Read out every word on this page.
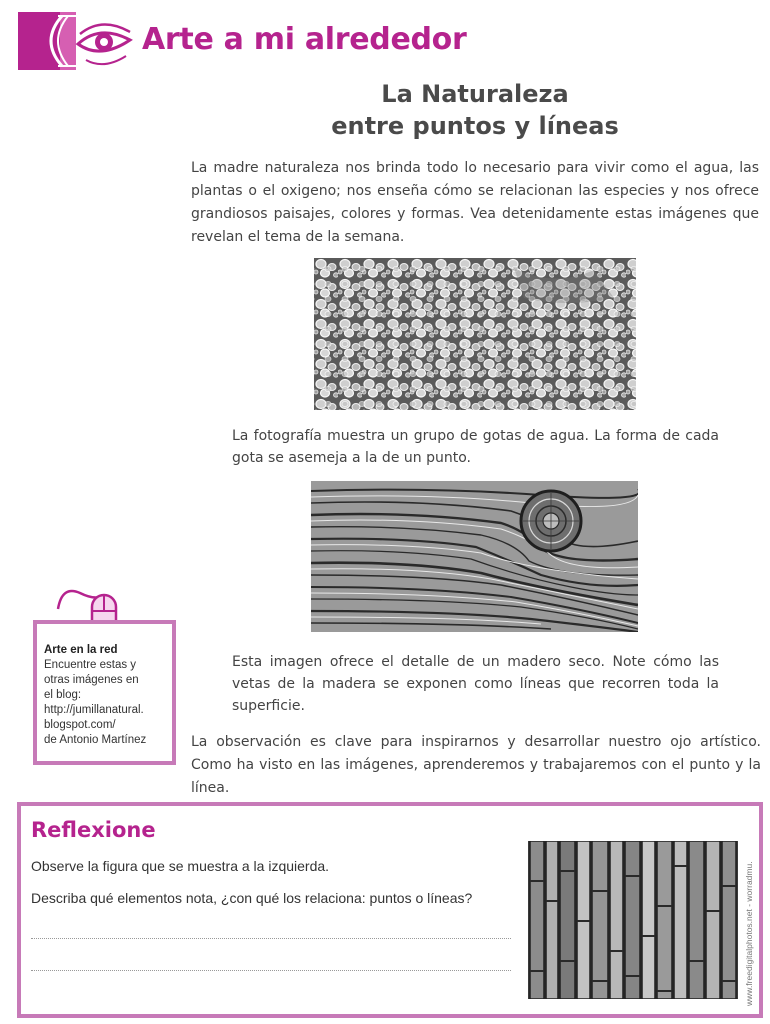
Arte a mi alrededor
La Naturaleza
entre puntos y líneas

La madre naturaleza nos brinda todo lo necesario para vivir como el agua, las plantas o el oxigeno; nos enseña cómo se relacionan las especies y nos ofrece grandiosos paisajes, colores y formas. Vea detenidamente estas imágenes que revelan el tema de la semana.

La fotografía muestra un grupo de gotas de agua. La forma de cada gota se asemeja a la de un punto.

Esta imagen ofrece el detalle de un madero seco. Note cómo las vetas de la madera se exponen como líneas que recorren toda la superficie.

Arte en la red
Encuentre estas y
otras imágenes en
el blog:
http://jumillanatural.
blogspot.com/
de Antonio Martínez	La observación es clave para inspirarnos y desarrollar nuestro ojo artístico. Como ha visto en las imágenes, aprenderemos y trabajaremos con el punto y la línea.

Reflexione

Observe la figura que se muestra a la izquierda.

Describa qué elementos nota, ¿con qué los relaciona: puntos o líneas?	www.freedigitalphotos.net - worradmu.
